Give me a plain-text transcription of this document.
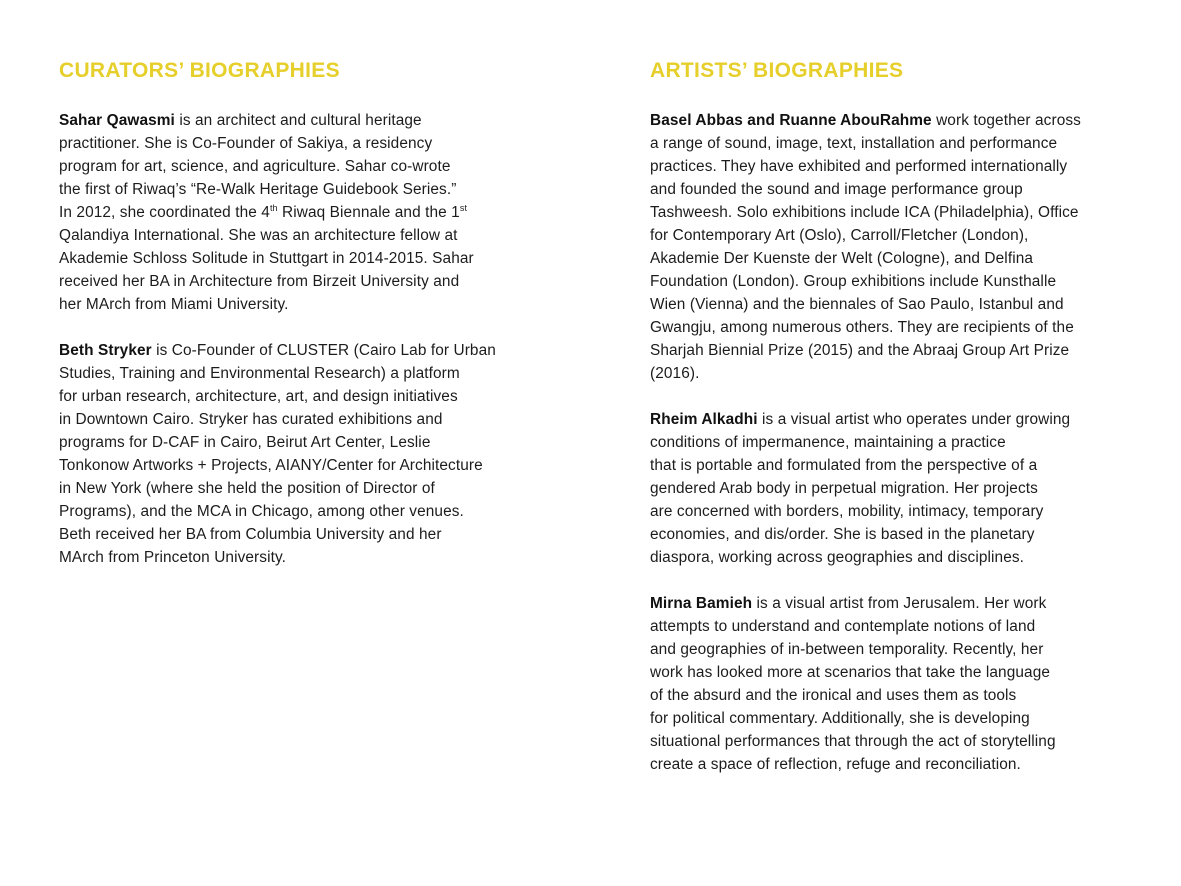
CURATORS’ BIOGRAPHIES
Sahar Qawasmi is an architect and cultural heritage
practitioner. She is Co-Founder of Sakiya, a residency
program for art, science, and agriculture. Sahar co-wrote
the first of Riwaq’s “Re-Walk Heritage Guidebook Series.”
In 2012, she coordinated the 4th Riwaq Biennale and the 1st
Qalandiya International. She was an architecture fellow at
Akademie Schloss Solitude in Stuttgart in 2014-2015. Sahar
received her BA in Architecture from Birzeit University and
her MArch from Miami University.
Beth Stryker is Co-Founder of CLUSTER (Cairo Lab for Urban
Studies, Training and Environmental Research) a platform
for urban research, architecture, art, and design initiatives
in Downtown Cairo. Stryker has curated exhibitions and
programs for D-CAF in Cairo, Beirut Art Center, Leslie
Tonkonow Artworks + Projects, AIANY/Center for Architecture
in New York (where she held the position of Director of
Programs), and the MCA in Chicago, among other venues.
Beth received her BA from Columbia University and her
MArch from Princeton University.
ARTISTS’ BIOGRAPHIES
Basel Abbas and Ruanne AbouRahme work together across
a range of sound, image, text, installation and performance
practices. They have exhibited and performed internationally
and founded the sound and image performance group
Tashweesh. Solo exhibitions include ICA (Philadelphia), Office
for Contemporary Art (Oslo), Carroll/Fletcher (London),
Akademie Der Kuenste der Welt (Cologne), and Delfina
Foundation (London). Group exhibitions include Kunsthalle
Wien (Vienna) and the biennales of Sao Paulo, Istanbul and
Gwangju, among numerous others. They are recipients of the
Sharjah Biennial Prize (2015) and the Abraaj Group Art Prize
(2016).
Rheim Alkadhi is a visual artist who operates under growing
conditions of impermanence, maintaining a practice
that is portable and formulated from the perspective of a
gendered Arab body in perpetual migration. Her projects
are concerned with borders, mobility, intimacy, temporary
economies, and dis/order. She is based in the planetary
diaspora, working across geographies and disciplines.
Mirna Bamieh is a visual artist from Jerusalem. Her work
attempts to understand and contemplate notions of land
and geographies of in-between temporality. Recently, her
work has looked more at scenarios that take the language
of the absurd and the ironical and uses them as tools
for political commentary. Additionally, she is developing
situational performances that through the act of storytelling
create a space of reflection, refuge and reconciliation.
